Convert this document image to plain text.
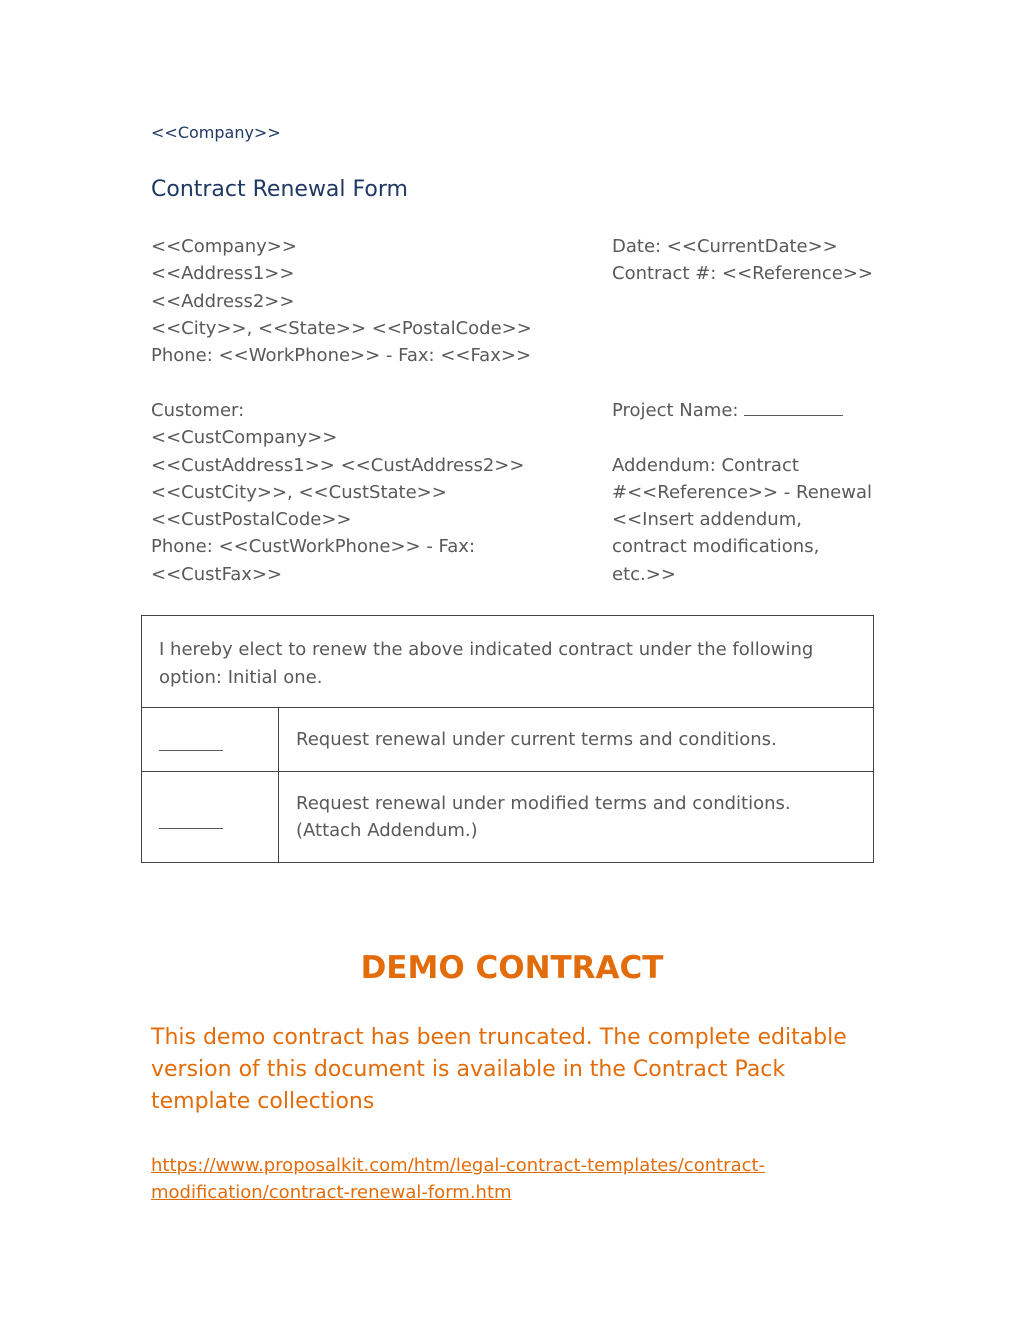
<<Company>>
Contract Renewal Form
<<Company>>
<<Address1>>
<<Address2>>
<<City>>, <<State>> <<PostalCode>>
Phone: <<WorkPhone>> - Fax: <<Fax>>
Date: <<CurrentDate>>
Contract #: <<Reference>>
Customer:
<<CustCompany>>
<<CustAddress1>> <<CustAddress2>>
<<CustCity>>, <<CustState>>
<<CustPostalCode>>
Phone: <<CustWorkPhone>> - Fax:
<<CustFax>>
Project Name:

Addendum: Contract
#<<Reference>> - Renewal
<<Insert addendum,
contract modifications,
etc.>>
I hereby elect to renew the above indicated contract under the following option: Initial one.	

	Request renewal under current terms and conditions.

	Request renewal under modified terms and conditions. (Attach Addendum.)
DEMO CONTRACT
This demo contract has been truncated. The complete editable version of this document is available in the Contract Pack template collections
https://www.proposalkit.com/htm/legal-contract-templates/contract-modification/contract-renewal-form.htm
